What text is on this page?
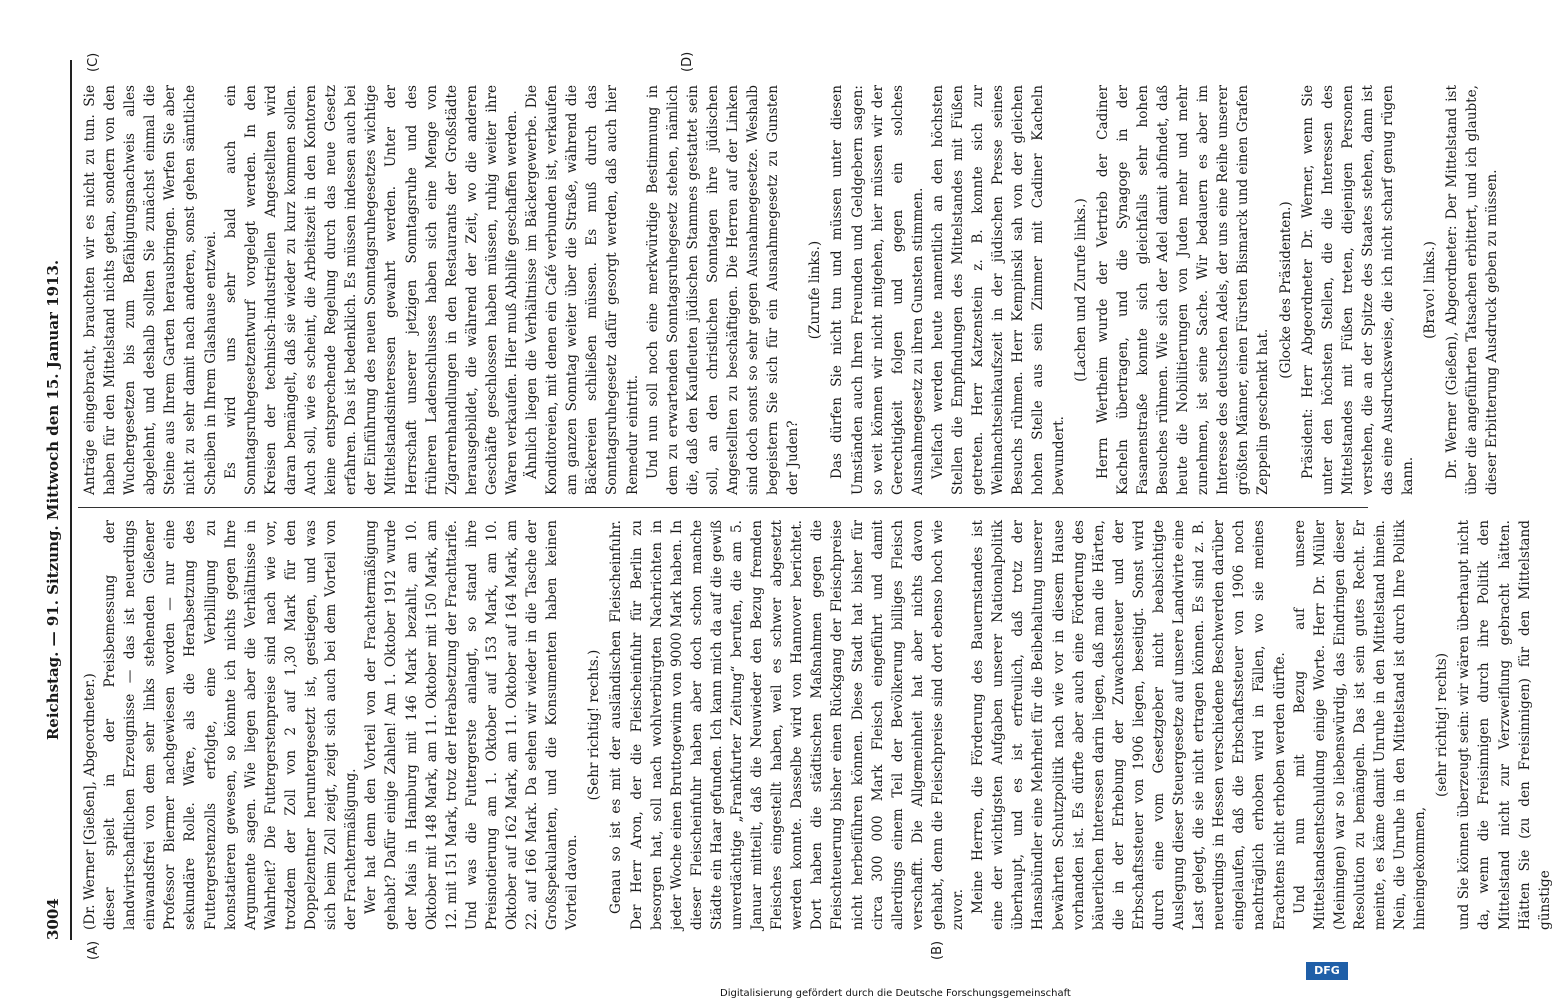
3004
Reichstag. — 91. Sitzung. Mittwoch den 15. Januar 1913.
(A)	(B)
(C)	(D)

(Dr. Werner [Gießen], Abgeordneter.) dieser spielt in der Preisbemessung der landwirtschaftlichen Erzeugnisse — das ist neuerdings einwandsfrei von dem sehr links stehenden Gießener Professor Biermer nachgewiesen worden — nur eine sekundäre Rolle. Wäre, als die Herabsetzung des Futtergerstenzolls erfolgte, eine Verbilligung zu konstatieren gewesen, so könnte ich nichts gegen Ihre Argumente sagen. Wie liegen aber die Verhältnisse in Wahrheit? Die Futtergerstenpreise sind nach wie vor, trotzdem der Zoll von 2 auf 1,30 Mark für den Doppelzentner heruntergesetzt ist, gestiegen, und was sich beim Zoll zeigt, zeigt sich auch bei dem Vorteil von der Frachtermäßigung. Wer hat denn den Vorteil von der Frachtermäßigung gehabt? Dafür einige Zahlen! Am 1. Oktober 1912 wurde der Mais in Hamburg mit 146 Mark bezahlt, am 10. Oktober mit 148 Mark, am 11. Oktober mit 150 Mark, am 12. mit 151 Mark, trotz der Herabsetzung der Frachttarife. Und was die Futtergerste anlangt, so stand ihre Preisnotierung am 1. Oktober auf 153 Mark, am 10. Oktober auf 162 Mark, am 11. Oktober auf 164 Mark, am 22. auf 166 Mark. Da sehen wir wieder in die Tasche der Großspekulanten, und die Konsumenten haben keinen Vorteil davon.

(Sehr richtig! rechts.) Genau so ist es mit der ausländischen Fleischeinfuhr. Der Herr Aron, der die Fleischeinfuhr für Berlin zu besorgen hat, soll nach wohlverbürgten Nachrichten in jeder Woche einen Bruttogewinn von 9000 Mark haben. In dieser Fleischeinfuhr haben aber doch schon manche Städte ein Haar gefunden. Ich kann mich da auf die gewiß unverdächtige „Frankfurter Zeitung“ berufen, die am 5. Januar mitteilt, daß die Neuwieder den Bezug fremden Fleisches eingestellt haben, weil es schwer abgesetzt werden konnte. Dasselbe wird von Hannover berichtet. Dort haben die städtischen Maßnahmen gegen die Fleischteuerung bisher einen Rückgang der Fleischpreise nicht herbeiführen können. Diese Stadt hat bisher für circa 300 000 Mark Fleisch eingeführt und damit allerdings einem Teil der Bevölkerung billiges Fleisch verschafft. Die Allgemeinheit hat aber nichts davon gehabt, denn die Fleischpreise sind dort ebenso hoch wie zuvor. Meine Herren, die Förderung des Bauernstandes ist eine der wichtigsten Aufgaben unserer Nationalpolitik überhaupt, und es ist erfreulich, daß trotz der Hansabündler eine Mehrheit für die Beibehaltung unserer bewährten Schutzpolitik nach wie vor in diesem Hause vorhanden ist. Es dürfte aber auch eine Förderung des bäuerlichen Interessen darin liegen, daß man die Härten, die in der Erhebung der Zuwachssteuer und der Erbschaftssteuer von 1906 liegen, beseitigt. Sonst wird durch eine vom Gesetzgeber nicht beabsichtigte Auslegung dieser Steuergesetze auf unsere Landwirte eine Last gelegt, die sie nicht ertragen können. Es sind z. B. neuerdings in Hessen verschiedene Beschwerden darüber eingelaufen, daß die Erbschaftssteuer von 1906 noch nachträglich erhoben wird in Fällen, wo sie meines Erachtens nicht erhoben werden dürfte. Und nun mit Bezug auf unsere Mittelstandsentschuldung einige Worte. Herr Dr. Müller (Meiningen) war so liebenswürdig, das Eindringen dieser Resolution zu bemängeln. Das ist sein gutes Recht. Er meinte, es käme damit Unruhe in den Mittelstand hinein. Nein, die Unruhe in den Mittelstand ist durch Ihre Politik hineingekommen,

(sehr richtig! rechts) und Sie können überzeugt sein: wir wären überhaupt nicht da, wenn die Freisinnigen durch ihre Politik den Mittelstand nicht zur Verzweiflung gebracht hätten. Hätten Sie (zu den Freisinnigen) für den Mittelstand günstige

Anträge eingebracht, brauchten wir es nicht zu tun. Sie haben für den Mittelstand nichts getan, sondern von den Wuchergesetzen bis zum Befähigungsnachweis alles abgelehnt, und deshalb sollten Sie zunächst einmal die Steine aus Ihrem Garten herausbringen. Werfen Sie aber nicht zu sehr damit nach anderen, sonst gehen sämtliche Scheiben in Ihrem Glashause entzwei. Es wird uns sehr bald auch ein Sonntagsruhegesetzentwurf vorgelegt werden. In den Kreisen der technisch-industriellen Angestellten wird daran bemängelt, daß sie wieder zu kurz kommen sollen. Auch soll, wie es scheint, die Arbeitszeit in den Kontoren keine entsprechende Regelung durch das neue Gesetz erfahren. Das ist bedenklich. Es müssen indessen auch bei der Einführung des neuen Sonntagsruhegesetzes wichtige Mittelstandsinteressen gewahrt werden. Unter der Herrschaft unserer jetzigen Sonntagsruhe und des früheren Ladenschlusses haben sich eine Menge von Zigarrenhandlungen in den Restaurants der Großstädte herausgebildet, die während der Zeit, wo die anderen Geschäfte geschlossen haben müssen, ruhig weiter ihre Waren verkaufen. Hier muß Abhilfe geschaffen werden. Ähnlich liegen die Verhältnisse im Bäckergewerbe. Die Konditoreien, mit denen ein Café verbunden ist, verkaufen am ganzen Sonntag weiter über die Straße, während die Bäckereien schließen müssen. Es muß durch das Sonntagsruhegesetz dafür gesorgt werden, daß auch hier Remedur eintritt. Und nun soll noch eine merkwürdige Bestimmung in dem zu erwartenden Sonntagsruhegesetz stehen, nämlich die, daß den Kaufleuten jüdischen Stammes gestattet sein soll, an den christlichen Sonntagen ihre jüdischen Angestellten zu beschäftigen. Die Herren auf der Linken sind doch sonst so sehr gegen Ausnahmegesetze. Weshalb begeistern Sie sich für ein Ausnahmegesetz zu Gunsten der Juden?

(Zurufe links.) Das dürfen Sie nicht tun und müssen unter diesen Umständen auch Ihren Freunden und Geldgebern sagen: so weit können wir nicht mitgehen, hier müssen wir der Gerechtigkeit folgen und gegen ein solches Ausnahmegesetz zu ihren Gunsten stimmen. Vielfach werden heute namentlich an den höchsten Stellen die Empfindungen des Mittelstandes mit Füßen getreten. Herr Katzenstein z. B. konnte sich zur Weihnachtseinkaufszeit in der jüdischen Presse seines Besuchs rühmen. Herr Kempinski sah von der gleichen hohen Stelle aus sein Zimmer mit Cadiner Kacheln bewundert.

(Lachen und Zurufe links.) Herrn Wertheim wurde der Vertrieb der Cadiner Kacheln übertragen, und die Synagoge in der Fasanenstraße konnte sich gleichfalls sehr hohen Besuches rühmen. Wie sich der Adel damit abfindet, daß heute die Nobilitierungen von Juden mehr und mehr zunehmen, ist seine Sache. Wir bedauern es aber im Interesse des deutschen Adels, der uns eine Reihe unserer größten Männer, einen Fürsten Bismarck und einen Grafen Zeppelin geschenkt hat.

(Glocke des Präsidenten.) Präsident: Herr Abgeordneter Dr. Werner, wenn Sie unter den höchsten Stellen, die die Interessen des Mittelstandes mit Füßen treten, diejenigen Personen verstehen, die an der Spitze des Staates stehen, dann ist das eine Ausdrucksweise, die ich nicht scharf genug rügen kann.

(Bravo! links.) Dr. Werner (Gießen), Abgeordneter: Der Mittelstand ist über die angeführten Tatsachen erbittert, und ich glaubte, dieser Erbitterung Ausdruck geben zu müssen.

Digitalisierung gefördert durch die Deutsche Forschungsgemeinschaft
DFG
